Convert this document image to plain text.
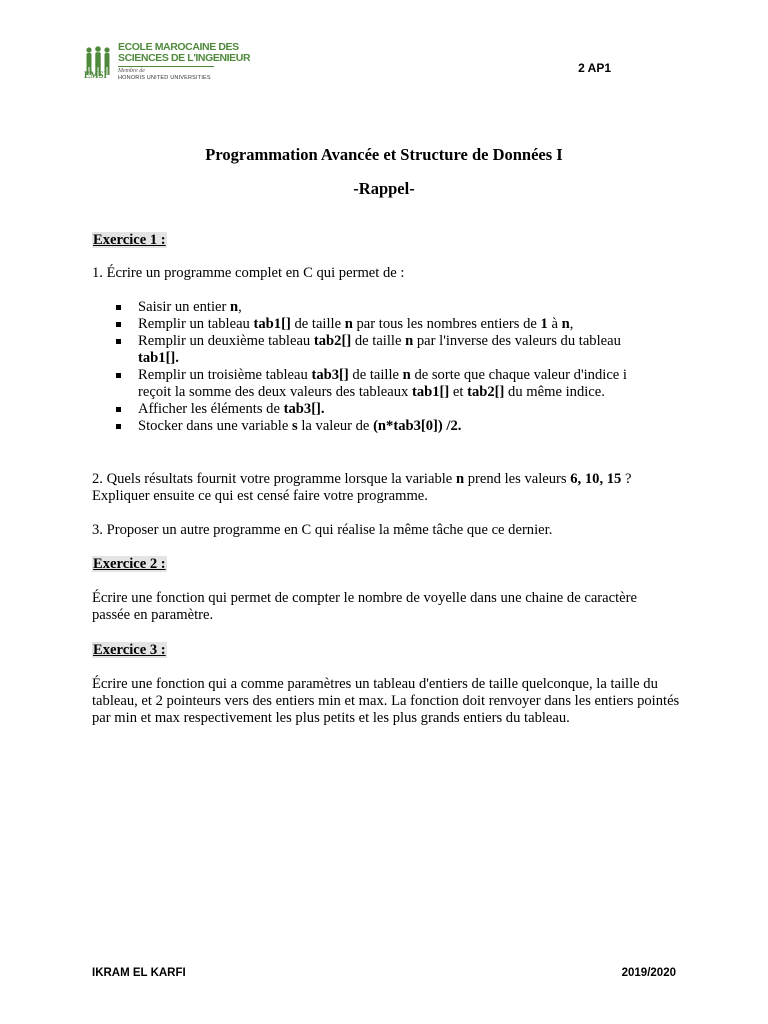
EMSI
ECOLE MAROCAINE DES
SCIENCES DE L'INGENIEUR
Membre de
HONORIS UNITED UNIVERSITIES
2 AP1
Programmation Avancée et Structure de Données I
-Rappel-
Exercice 1 :
1. Écrire un programme complet en C qui permet de :
Saisir un entier n,
Remplir un tableau tab1[] de taille n par tous les nombres entiers de 1 à n,
Remplir un deuxième tableau tab2[] de taille n par l'inverse des valeurs du tableau tab1[].
Remplir un troisième tableau tab3[] de taille n de sorte que chaque valeur d'indice i reçoit la somme des deux valeurs des tableaux tab1[] et tab2[] du même indice.
Afficher les éléments de tab3[].
Stocker dans une variable s la valeur de (n*tab3[0]) /2.
2. Quels résultats fournit votre programme lorsque la variable n prend les valeurs 6, 10, 15 ? Expliquer ensuite ce qui est censé faire votre programme.
3. Proposer un autre programme en C qui réalise la même tâche que ce dernier.
Exercice 2 :
Écrire une fonction qui permet de compter le nombre de voyelle dans une chaine de caractère passée en paramètre.
Exercice 3 :
Écrire une fonction qui a comme paramètres un tableau d'entiers de taille quelconque, la taille du tableau, et 2 pointeurs vers des entiers min et max. La fonction doit renvoyer dans les entiers pointés par min et max respectivement les plus petits et les plus grands entiers du tableau.
IKRAM EL KARFI	2019/2020
